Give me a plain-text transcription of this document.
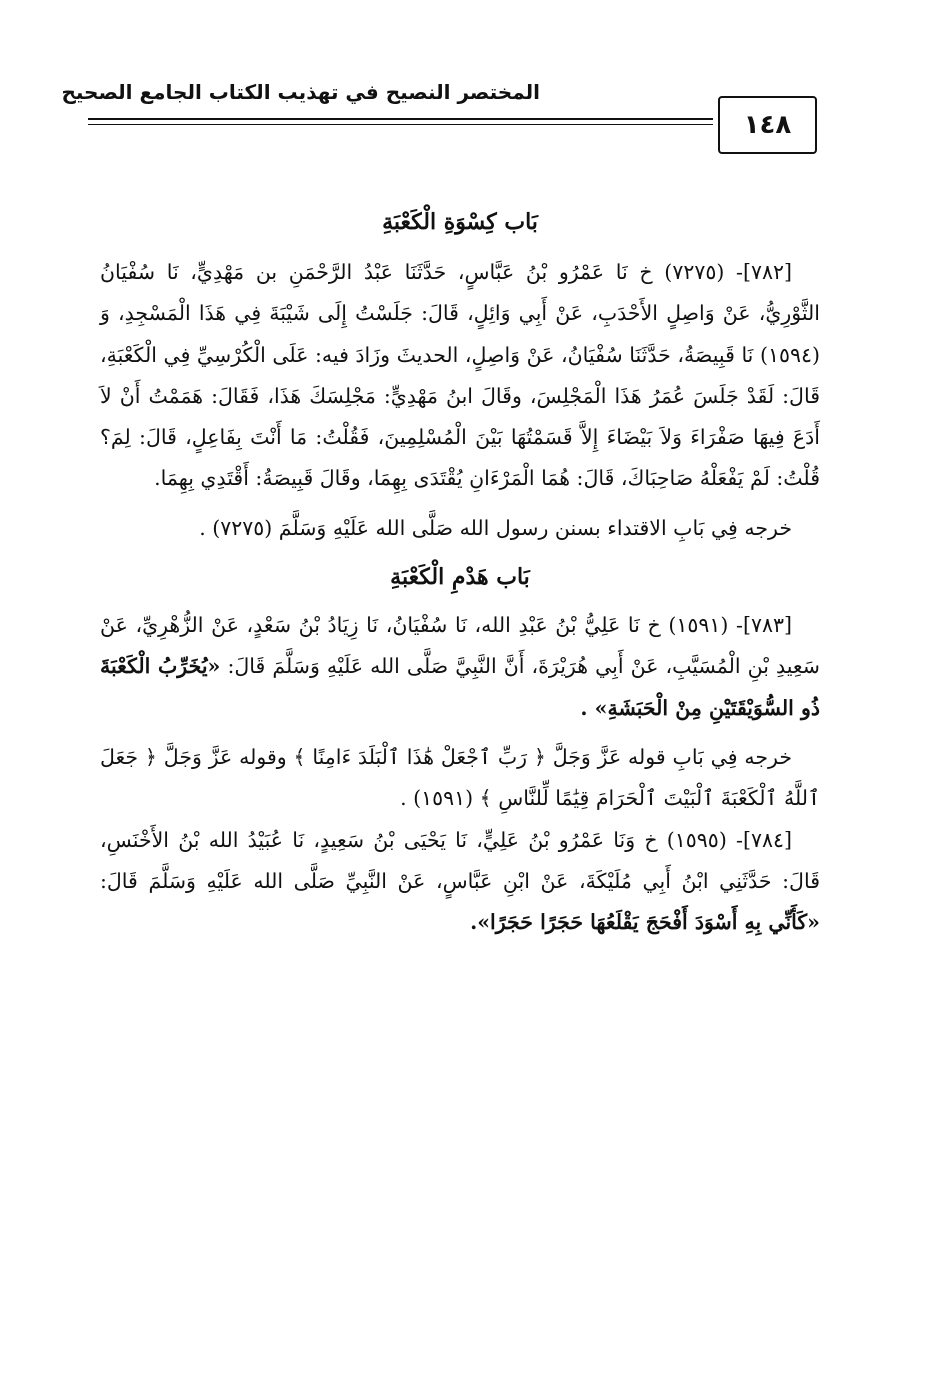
المختصر النصيح في تهذيب الكتاب الجامع الصحيح
١٤٨
بَاب كِسْوَةِ الْكَعْبَةِ

[٧٨٢]- (٧٢٧٥) خ نَا عَمْرُو بْنُ عَبَّاسٍ، حَدَّثَنَا عَبْدُ الرَّحْمَنِ بن مَهْدِيٍّ، نَا سُفْيَانُ الثَّوْرِيُّ، عَنْ وَاصِلٍ الأَحْدَبِ، عَنْ أَبِي وَائِلٍ، قَالَ: جَلَسْتُ إِلَى شَيْبَةَ فِي هَذَا الْمَسْجِدِ، وَ (١٥٩٤) نَا قَبِيصَةُ، حَدَّثَنَا سُفْيَانُ، عَنْ وَاصِلٍ، الحديثَ وزَادَ فيه: عَلَى الْكُرْسِيِّ فِي الْكَعْبَةِ، قَالَ: لَقَدْ جَلَسَ عُمَرُ هَذَا الْمَجْلِسَ، وقَالَ ابنُ مَهْدِيٍّ: مَجْلِسَكَ هَذَا، فَقَالَ: هَمَمْتُ أَنْ لاَ أَدَعَ فِيهَا صَفْرَاءَ وَلاَ بَيْضَاءَ إِلاَّ قَسَمْتُهَا بَيْنَ الْمُسْلِمِينَ، فَقُلْتُ: مَا أَنْتَ بِفَاعِلٍ، قَالَ: لِمَ؟ قُلْتُ: لَمْ يَفْعَلْهُ صَاحِبَاكَ، قَالَ: هُمَا الْمَرْءَانِ يُقْتَدَى بِهِمَا، وقَالَ قَبِيصَةُ: أَقْتَدِي بِهِمَا.

خرجه فِي بَابِ الاقتداء بسنن رسول الله صَلَّى الله عَلَيْهِ وَسَلَّمَ (٧٢٧٥) .

بَاب هَدْمِ الْكَعْبَةِ

[٧٨٣]- (١٥٩١) خ نَا عَلِيُّ بْنُ عَبْدِ الله، نَا سُفْيَانُ، نَا زِيَادُ بْنُ سَعْدٍ، عَنْ الزُّهْرِيِّ، عَنْ سَعِيدِ بْنِ الْمُسَيَّبِ، عَنْ أَبِي هُرَيْرَةَ، أَنَّ النَّبِيَّ صَلَّى الله عَلَيْهِ وَسَلَّمَ قَالَ: «يُخَرِّبُ الْكَعْبَةَ ذُو السُّوَيْقَتَيْنِ مِنْ الْحَبَشَةِ» .

خرجه فِي بَابِ قوله عَزَّ وَجَلَّ ﴿ رَبِّ ٱجْعَلْ هَٰذَا ٱلْبَلَدَ ءَامِنًا ﴾ وقوله عَزَّ وَجَلَّ ﴿ جَعَلَ ٱللَّهُ ٱلْكَعْبَةَ ٱلْبَيْتَ ٱلْحَرَامَ قِيَٰمًا لِّلنَّاسِ ﴾ (١٥٩١) .

[٧٨٤]- (١٥٩٥) خ وَنَا عَمْرُو بْنُ عَلِيٍّ، نَا يَحْيَى بْنُ سَعِيدٍ، نَا عُبَيْدُ الله بْنُ الأَخْنَسِ، قَالَ: حَدَّثَنِي ابْنُ أَبِي مُلَيْكَةَ، عَنْ ابْنِ عَبَّاسٍ، عَنْ النَّبِيِّ صَلَّى الله عَلَيْهِ وَسَلَّمَ قَالَ: «كَأَنِّي بِهِ أَسْوَدَ أَفْحَجَ يَقْلَعُهَا حَجَرًا حَجَرًا».
